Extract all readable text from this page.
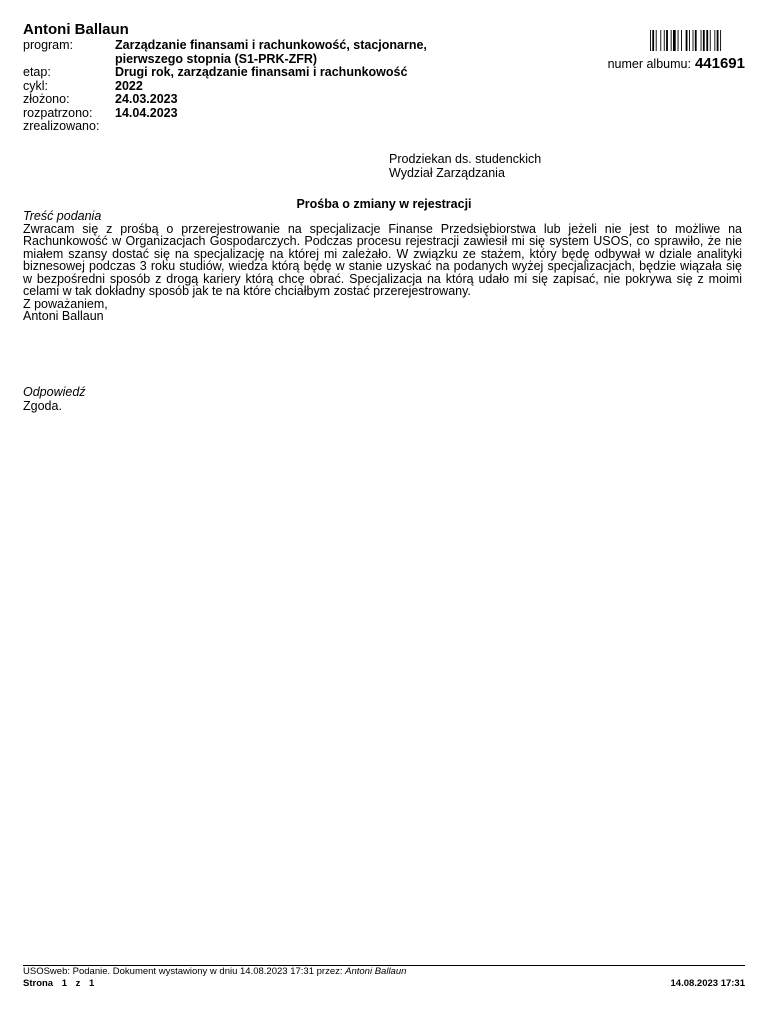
Antoni Ballaun
program:	Zarządzanie finansami i rachunkowość, stacjonarne, pierwszego stopnia (S1-PRK-ZFR)
etap:	Drugi rok, zarządzanie finansami i rachunkowość
cykl:	2022
złożono:	24.03.2023
rozpatrzono:	14.04.2023
zrealizowano:
numer albumu: 441691
Prodziekan ds. studenckich
Wydział Zarządzania
Prośba o zmiany w rejestracji
Treść podania
Zwracam się z prośbą o przerejestrowanie na specjalizacje Finanse Przedsiębiorstwa lub jeżeli nie jest to możliwe na Rachunkowość w Organizacjach Gospodarczych. Podczas procesu rejestracji zawiesił mi się system USOS, co sprawiło, że nie miałem szansy dostać się na specjalizację na której mi zależało. W związku ze stażem, który będę odbywał w dziale analityki biznesowej podczas 3 roku studiów, wiedza którą będę w stanie uzyskać na podanych wyżej specjalizacjach, będzie wiązała się w bezpośredni sposób z drogą kariery którą chcę obrać. Specjalizacja na którą udało mi się zapisać, nie pokrywa się z moimi celami w tak dokładny sposób jak te na które chciałbym zostać przerejestrowany.
Z poważaniem,
Antoni Ballaun
Odpowiedź
Zgoda.
USOSweb: Podanie. Dokument wystawiony w dniu 14.08.2023 17:31 przez: Antoni Ballaun
Strona 1 z 1	14.08.2023 17:31
